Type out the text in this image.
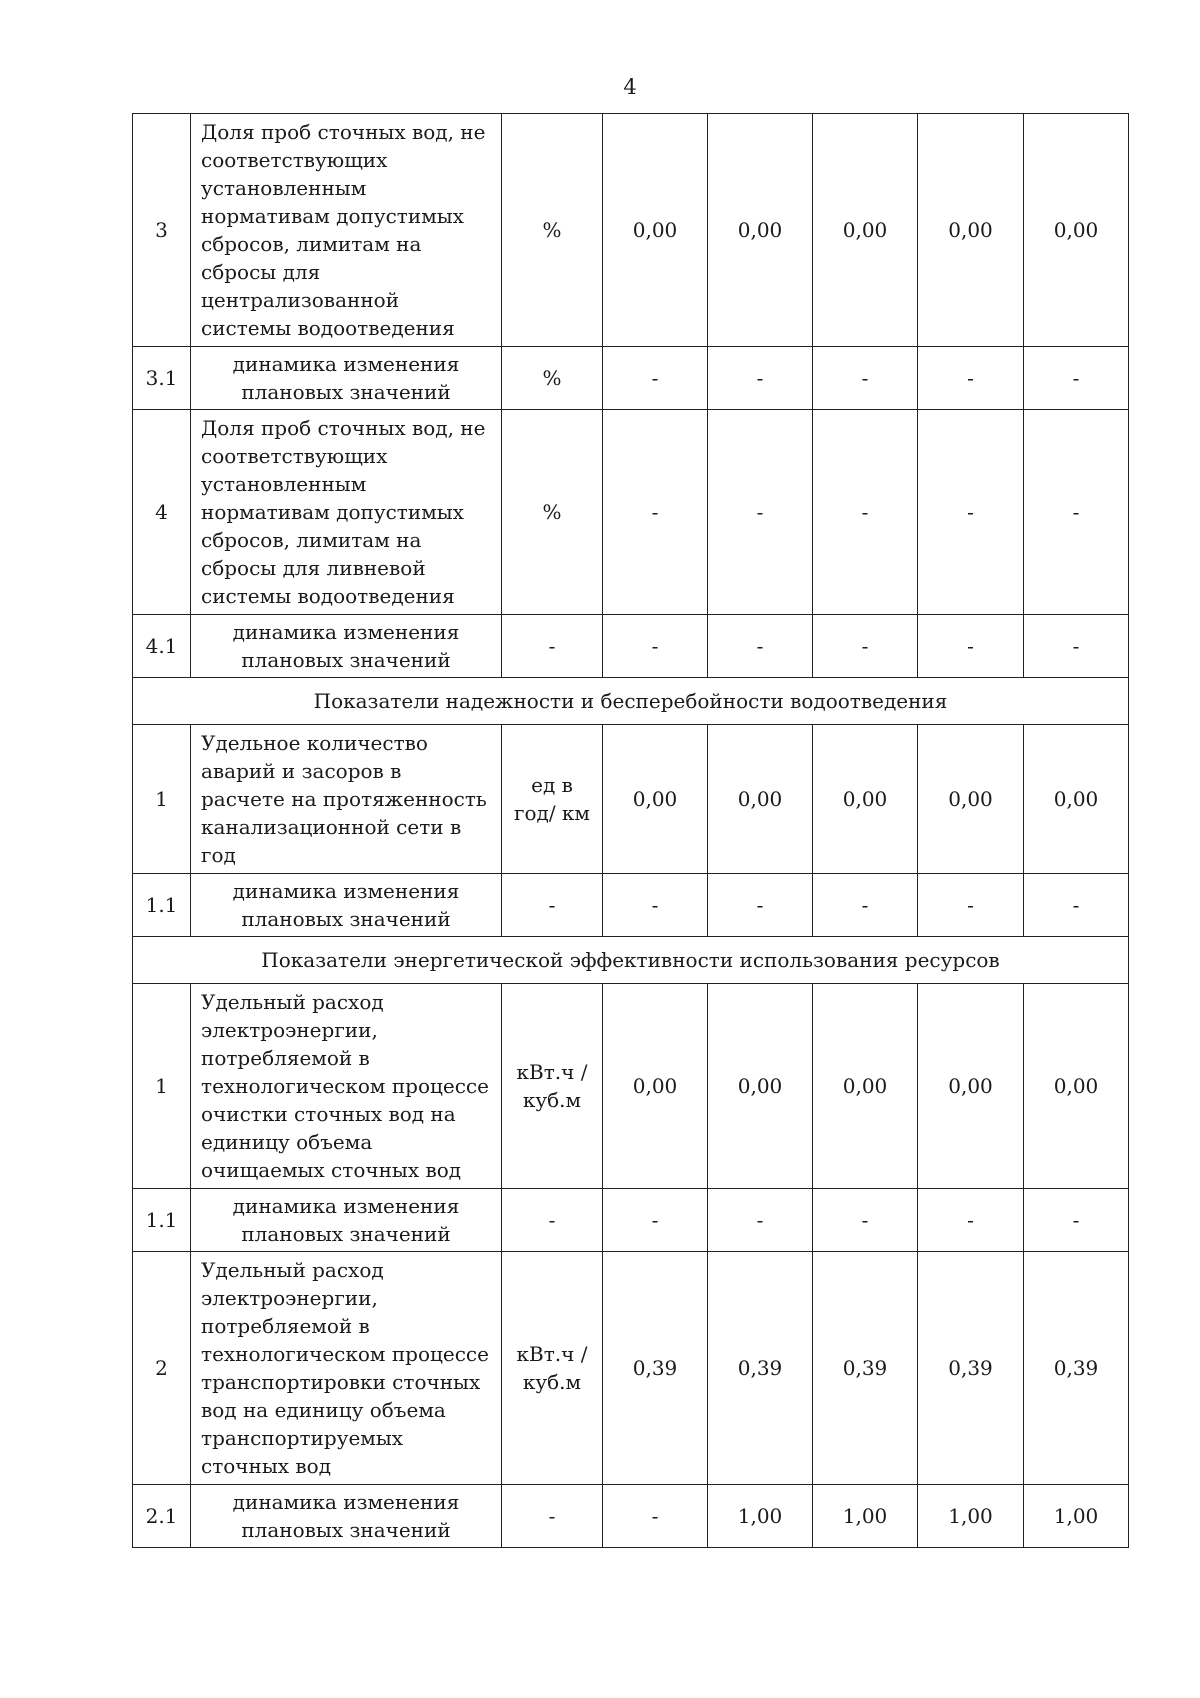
4
3	Доля проб сточных вод, не соответствующих установленным нормативам допустимых сбросов, лимитам на сбросы для централизованной системы водоотведения	%	0,00	0,00	0,00	0,00	0,00
3.1	динамика изменения плановых значений	%	-	-	-	-	-
4	Доля проб сточных вод, не соответствующих установленным нормативам допустимых сбросов, лимитам на сбросы для ливневой системы водоотведения	%	-	-	-	-	-
4.1	динамика изменения плановых значений	-	-	-	-	-	-
Показатели надежности и бесперебойности водоотведения							
1	Удельное количество аварий и засоров в расчете на протяженность канализационной сети в год	ед в год/ км	0,00	0,00	0,00	0,00	0,00
1.1	динамика изменения плановых значений	-	-	-	-	-	-
Показатели энергетической эффективности использования ресурсов							
1	Удельный расход электроэнергии, потребляемой в технологическом процессе очистки сточных вод на единицу объема очищаемых сточных вод	кВт.ч / куб.м	0,00	0,00	0,00	0,00	0,00
1.1	динамика изменения плановых значений	-	-	-	-	-	-
2	Удельный расход электроэнергии, потребляемой в технологическом процессе транспортировки сточных вод на единицу объема транспортируемых сточных вод	кВт.ч / куб.м	0,39	0,39	0,39	0,39	0,39
2.1	динамика изменения плановых значений	-	-	1,00	1,00	1,00	1,00
